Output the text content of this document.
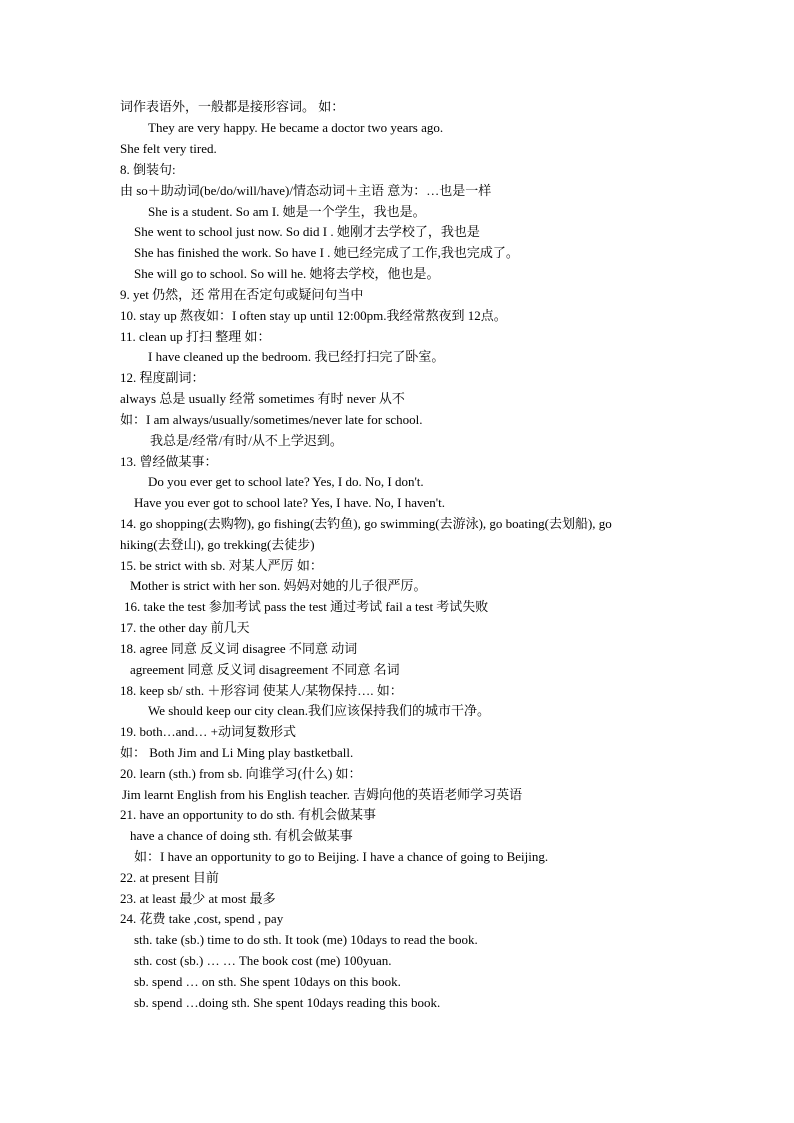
词作表语外，一般都是接形容词。 如：
They are very happy. He became a doctor two years ago.
She felt very tired.
8. 倒装句:
由 so＋助动词(be/do/will/have)/情态动词＋主语 意为：…也是一样
She is a student. So am I. 她是一个学生，我也是。
She went to school just now. So did I . 她刚才去学校了，我也是
She has finished the work. So have I . 她已经完成了工作,我也完成了。
She will go to school. So will he. 她将去学校，他也是。
9. yet 仍然，还 常用在否定句或疑问句当中
10. stay up 熬夜如：I often stay up until 12:00pm.我经常熬夜到 12点。
11. clean up 打扫 整理 如：
I have cleaned up the bedroom. 我已经打扫完了卧室。
12. 程度副词：
always 总是 usually 经常 sometimes 有时 never 从不
如：I am always/usually/sometimes/never late for school.
我总是/经常/有时/从不上学迟到。
13. 曾经做某事：
Do you ever get to school late? Yes, I do. No, I don't.
Have you ever got to school late? Yes, I have. No, I haven't.
14. go shopping(去购物), go fishing(去钓鱼), go swimming(去游泳), go boating(去划船), go
hiking(去登山), go trekking(去徒步)
15. be strict with sb. 对某人严厉 如：
Mother is strict with her son. 妈妈对她的儿子很严厉。
16. take the test 参加考试 pass the test 通过考试 fail a test 考试失败
17. the other day 前几天
18. agree 同意 反义词 disagree 不同意 动词
agreement 同意 反义词 disagreement 不同意 名词
18. keep sb/ sth. ＋形容词 使某人/某物保持…. 如：
We should keep our city clean.我们应该保持我们的城市干净。
19. both…and… +动词复数形式
如： Both Jim and Li Ming play bastketball.
20. learn (sth.) from sb. 向谁学习(什么) 如：
Jim learnt English from his English teacher. 吉姆向他的英语老师学习英语
21. have an opportunity to do sth. 有机会做某事
have a chance of doing sth. 有机会做某事
如：I have an opportunity to go to Beijing. I have a chance of going to Beijing.
22. at present 目前
23. at least 最少 at most 最多
24. 花费 take ,cost, spend , pay
sth. take (sb.) time to do sth. It took (me) 10days to read the book.
sth. cost (sb.) … … The book cost (me) 100yuan.
sb. spend … on sth. She spent 10days on this book.
sb. spend …doing sth. She spent 10days reading this book.
